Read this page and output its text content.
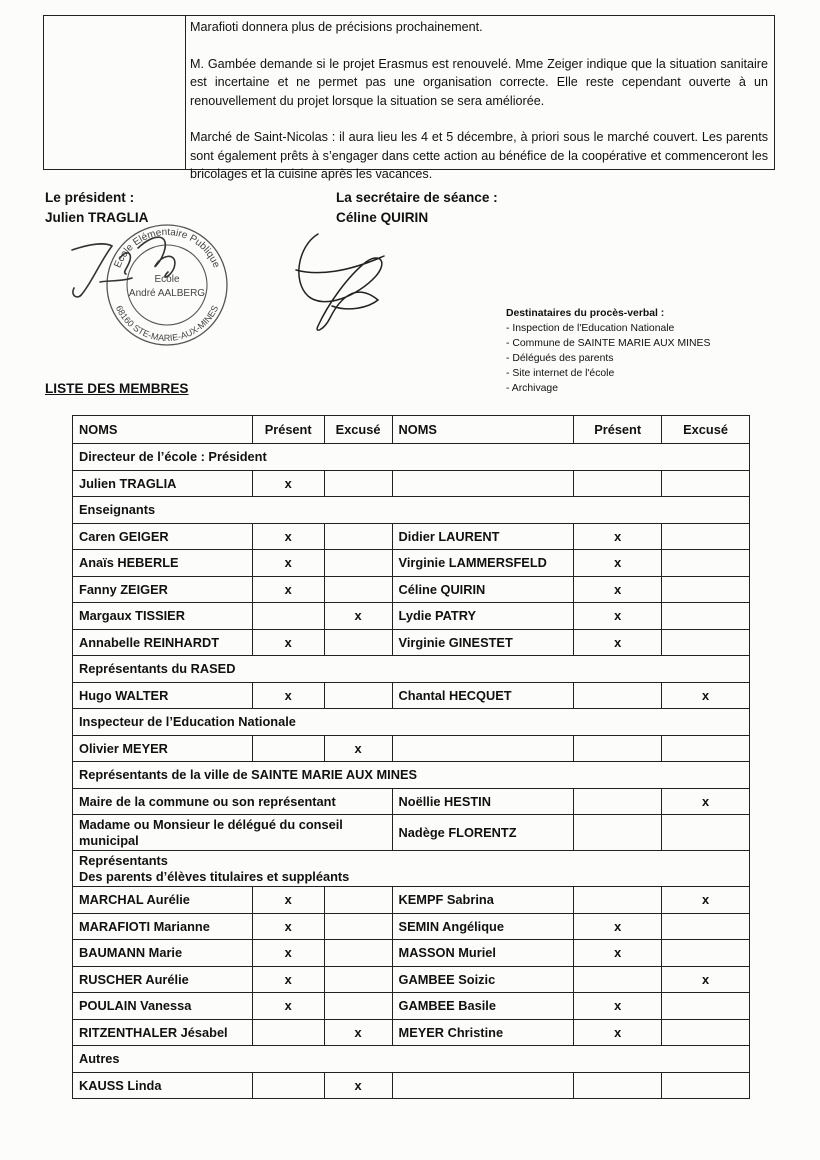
Marafioti donnera plus de précisions prochainement.

M. Gambée demande si le projet Erasmus est renouvelé. Mme Zeiger indique que la situation sanitaire est incertaine et ne permet pas une organisation correcte. Elle reste cependant ouverte à un renouvellement du projet lorsque la situation se sera améliorée.

Marché de Saint-Nicolas : il aura lieu les 4 et 5 décembre, à priori sous le marché couvert. Les parents sont également prêts à s’engager dans cette action au bénéfice de la coopérative et commenceront les bricolages et la cuisine après les vacances.

Le président :
Julien TRAGLIA
La secrétaire de séance :
Céline QUIRIN
Ecole Elémentaire Publique
68160 STE-MARIE-AUX-MINES
Ecole
André AALBERG
Destinataires du procès-verbal :
- Inspection de l'Education Nationale
- Commune de SAINTE MARIE AUX MINES
- Délégués des parents
- Site internet de l'école
- Archivage
LISTE DES MEMBRES
NOMS	Présent	Excusé	NOMS	Présent	Excusé
Directeur de l’école : Président					
Julien TRAGLIA	x				
Enseignants					
Caren GEIGER	x		Didier LAURENT	x	
Anaïs HEBERLE	x		Virginie LAMMERSFELD	x	
Fanny ZEIGER	x		Céline QUIRIN	x	
Margaux TISSIER		x	Lydie PATRY	x	
Annabelle REINHARDT	x		Virginie GINESTET	x	
Représentants du RASED					
Hugo WALTER	x		Chantal HECQUET		x
Inspecteur de l’Education Nationale					
Olivier MEYER		x			
Représentants de la ville de SAINTE MARIE AUX MINES					
Maire de la commune ou son représentant			Noëllie HESTIN		x
Madame ou Monsieur le délégué du conseil municipal			Nadège FLORENTZ		

Représentants
Des parents d’élèves titulaires et suppléants					

MARCHAL Aurélie	x		KEMPF Sabrina		x
MARAFIOTI Marianne	x		SEMIN Angélique	x	
BAUMANN Marie	x		MASSON Muriel	x	
RUSCHER Aurélie	x		GAMBEE Soizic		x
POULAIN Vanessa	x		GAMBEE Basile	x	
RITZENTHALER Jésabel		x	MEYER Christine	x	
Autres					
KAUSS Linda		x			
